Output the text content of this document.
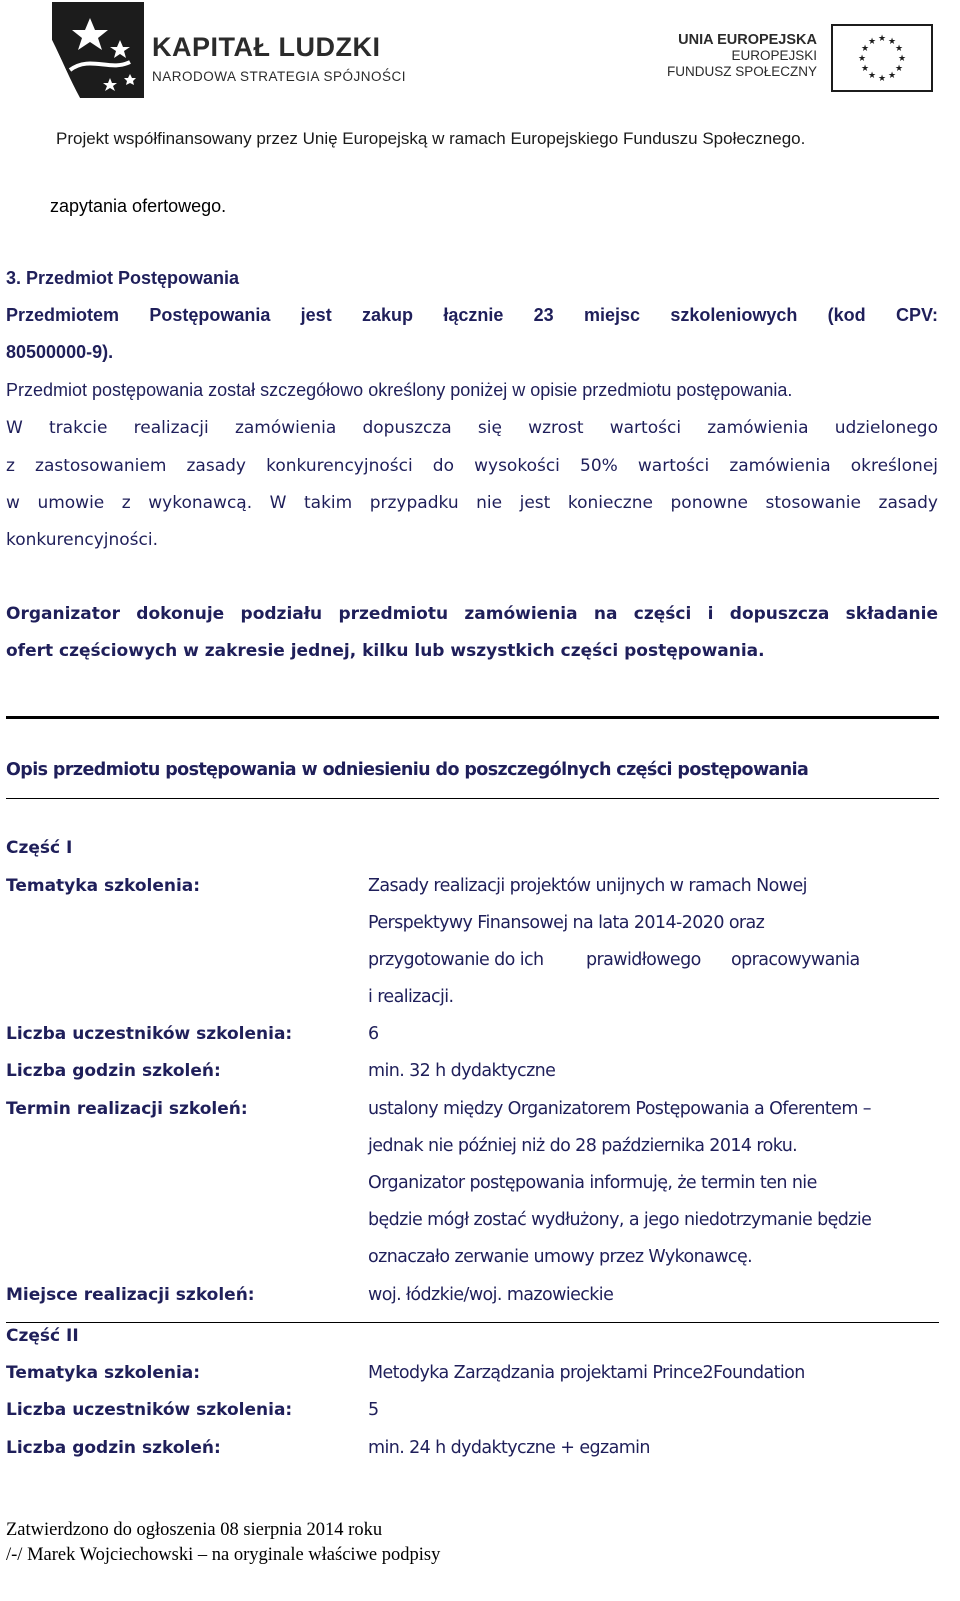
KAPITAŁ LUDZKI
NARODOWA STRATEGIA SPÓJNOŚCI
UNIA EUROPEJSKA
EUROPEJSKI
FUNDUSZ SPOŁECZNY
★ ★
★
★
★
★
★
★
★
★
★
★
Projekt współfinansowany przez Unię Europejską w ramach Europejskiego Funduszu Społecznego.
zapytania ofertowego.
3. Przedmiot Postępowania
Przedmiotem Postępowania jest zakup łącznie 23 miejsc szkoleniowych (kod CPV:
80500000-9).
Przedmiot postępowania został szczegółowo określony poniżej w opisie przedmiotu postępowania.
W trakcie realizacji zamówienia dopuszcza się wzrost wartości zamówienia udzielonego
z zastosowaniem zasady konkurencyjności do wysokości 50% wartości zamówienia określonej
w umowie z wykonawcą. W takim przypadku nie jest konieczne ponowne stosowanie zasady
konkurencyjności.
Organizator dokonuje podziału przedmiotu zamówienia na części i dopuszcza składanie
ofert częściowych w zakresie jednej, kilku lub wszystkich części postępowania.
Opis przedmiotu postępowania w odniesieniu do poszczególnych części postępowania
Część I
Tematyka szkolenia:	Zasady realizacji projektów unijnych w ramach Nowej
Perspektywy Finansowej na lata 2014-2020 oraz
przygotowanie do ich prawidłowego opracowywania
i realizacji.
Liczba uczestników szkolenia:	6
Liczba godzin szkoleń:	min. 32 h dydaktyczne
Termin realizacji szkoleń:	ustalony między Organizatorem Postępowania a Oferentem –
jednak nie później niż do 28 października 2014 roku.
Organizator postępowania informuję, że termin ten nie
będzie mógł zostać wydłużony, a jego niedotrzymanie będzie
oznaczało zerwanie umowy przez Wykonawcę.
Miejsce realizacji szkoleń:	woj. łódzkie/woj. mazowieckie
Część II
Tematyka szkolenia:	Metodyka Zarządzania projektami Prince2Foundation
Liczba uczestników szkolenia:	5
Liczba godzin szkoleń:	min. 24 h dydaktyczne + egzamin
Zatwierdzono do ogłoszenia 08 sierpnia 2014 roku
/-/ Marek Wojciechowski – na oryginale właściwe podpisy
